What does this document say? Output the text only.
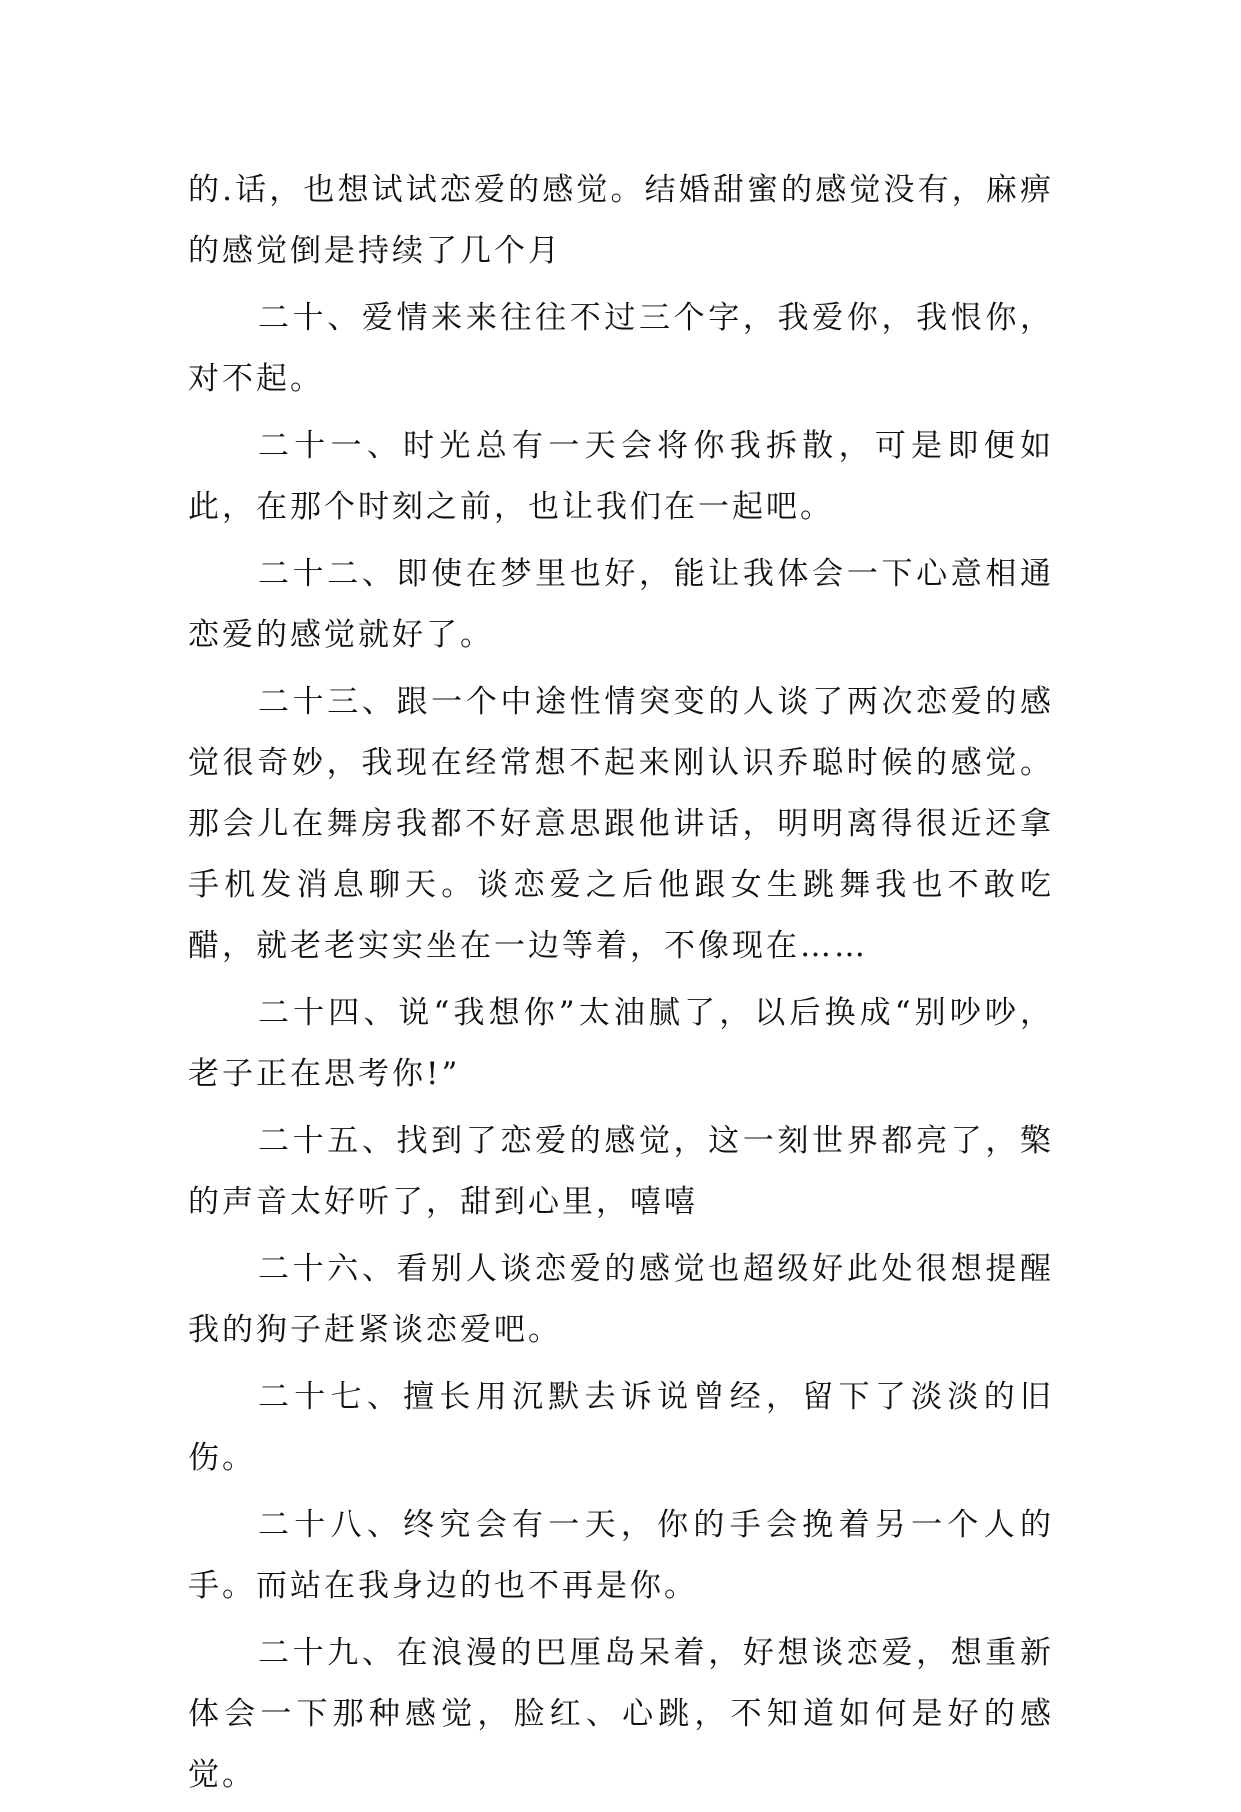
的.话，也想试试恋爱的感觉。结婚甜蜜的感觉没有，麻痹的感觉倒是持续了几个月

二十、爱情来来往往不过三个字，我爱你，我恨你，对不起。

二十一、时光总有一天会将你我拆散，可是即便如此，在那个时刻之前，也让我们在一起吧。

二十二、即使在梦里也好，能让我体会一下心意相通恋爱的感觉就好了。

二十三、跟一个中途性情突变的人谈了两次恋爱的感觉很奇妙，我现在经常想不起来刚认识乔聪时候的感觉。那会儿在舞房我都不好意思跟他讲话，明明离得很近还拿手机发消息聊天。谈恋爱之后他跟女生跳舞我也不敢吃醋，就老老实实坐在一边等着，不像现在……

二十四、说“我想你”太油腻了，以后换成“别吵吵，老子正在思考你!”

二十五、找到了恋爱的感觉，这一刻世界都亮了，檠的声音太好听了，甜到心里，嘻嘻

二十六、看别人谈恋爱的感觉也超级好此处很想提醒我的狗子赶紧谈恋爱吧。

二十七、擅长用沉默去诉说曾经，留下了淡淡的旧伤。

二十八、终究会有一天，你的手会挽着另一个人的手。而站在我身边的也不再是你。

二十九、在浪漫的巴厘岛呆着，好想谈恋爱，想重新体会一下那种感觉，脸红、心跳，不知道如何是好的感觉。
